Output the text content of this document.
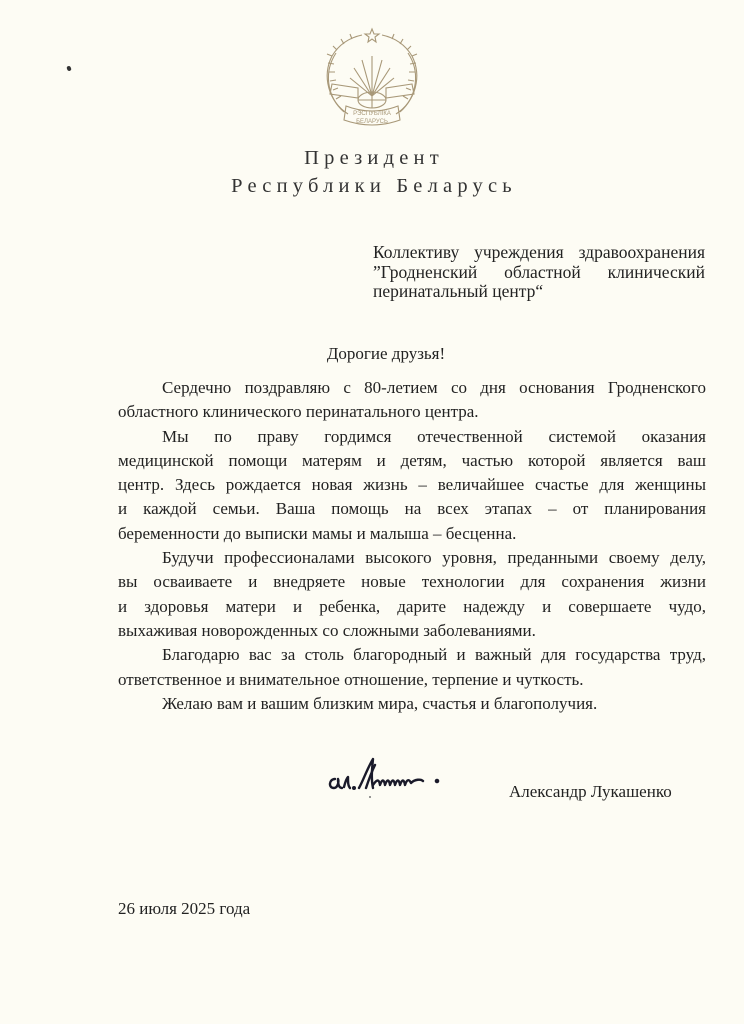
РЭСПУБЛІКА
БЕЛАРУСЬ
Президент
Республики Беларусь
Коллективу учреждения здравоохранения
”Гродненский областной клинический
перинатальный центр“
Дорогие друзья!
Сердечно поздравляю с 80-летием со дня основания Гродненского
областного клинического перинатального центра.
Мы по праву гордимся отечественной системой оказания
медицинской помощи матерям и детям, частью которой является ваш
центр. Здесь рождается новая жизнь – величайшее счастье для женщины
и каждой семьи. Ваша помощь на всех этапах – от планирования
беременности до выписки мамы и малыша – бесценна.
Будучи профессионалами высокого уровня, преданными своему делу,
вы осваиваете и внедряете новые технологии для сохранения жизни
и здоровья матери и ребенка, дарите надежду и совершаете чудо,
выхаживая новорожденных со сложными заболеваниями.
Благодарю вас за столь благородный и важный для государства труд,
ответственное и внимательное отношение, терпение и чуткость.
Желаю вам и вашим близким мира, счастья и благополучия.
Александр Лукашенко
26 июля 2025 года
